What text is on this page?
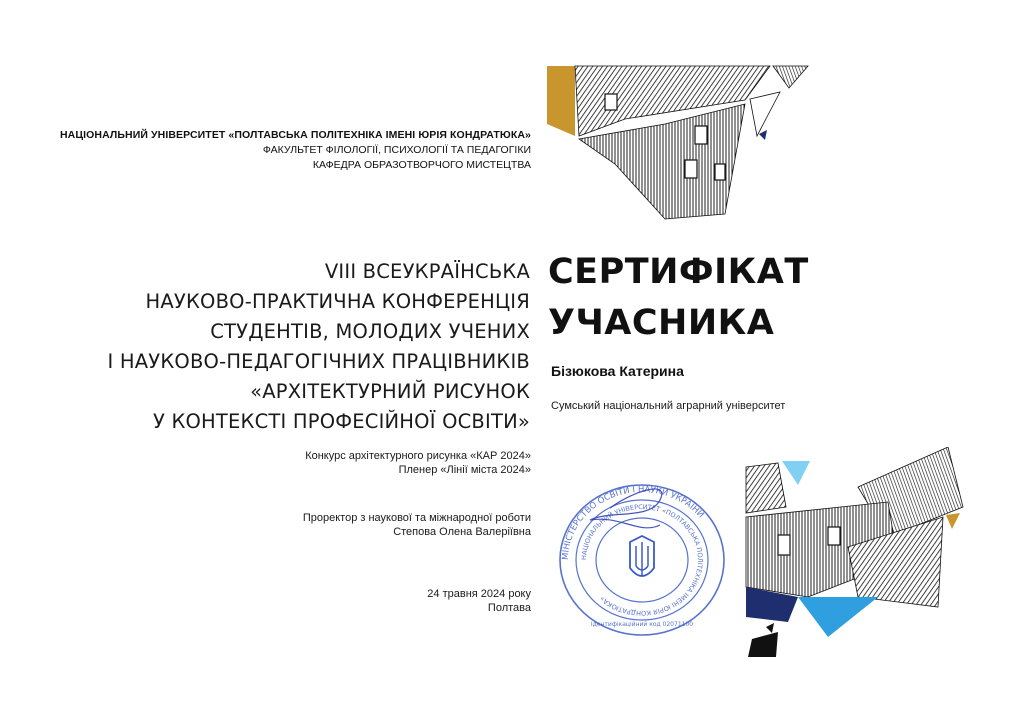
НАЦІОНАЛЬНИЙ УНІВЕРСИТЕТ «ПОЛТАВСЬКА ПОЛІТЕХНІКА ІМЕНІ ЮРІЯ КОНДРАТЮКА»
ФАКУЛЬТЕТ ФІЛОЛОГІЇ, ПСИХОЛОГІЇ ТА ПЕДАГОГІКИ
КАФЕДРА ОБРАЗОТВОРЧОГО МИСТЕЦТВА
VIII ВСЕУКРАЇНСЬКА
НАУКОВО-ПРАКТИЧНА КОНФЕРЕНЦІЯ
СТУДЕНТІВ, МОЛОДИХ УЧЕНИХ
І НАУКОВО-ПЕДАГОГІЧНИХ ПРАЦІВНИКІВ
«АРХІТЕКТУРНИЙ РИСУНОК
У КОНТЕКСТІ ПРОФЕСІЙНОЇ ОСВІТИ»
Конкурс архітектурного рисунка «КАР 2024»
Пленер «Лінії міста 2024»
Проректор з наукової та міжнародної роботи
Степова Олена Валеріївна
24 травня 2024 року
Полтава
СЕРТИФІКАТ
УЧАСНИКА
Бізюкова Катерина
Сумський національний аграрний університет
МІНІСТЕРСТВО ОСВІТИ І НАУКИ УКРАЇНИ
НАЦІОНАЛЬНИЙ УНІВЕРСИТЕТ «ПОЛТАВСЬКА ПОЛІТЕХНІКА ІМЕНІ ЮРІЯ КОНДРАТЮКА»
Ідентифікаційний код 02071100
